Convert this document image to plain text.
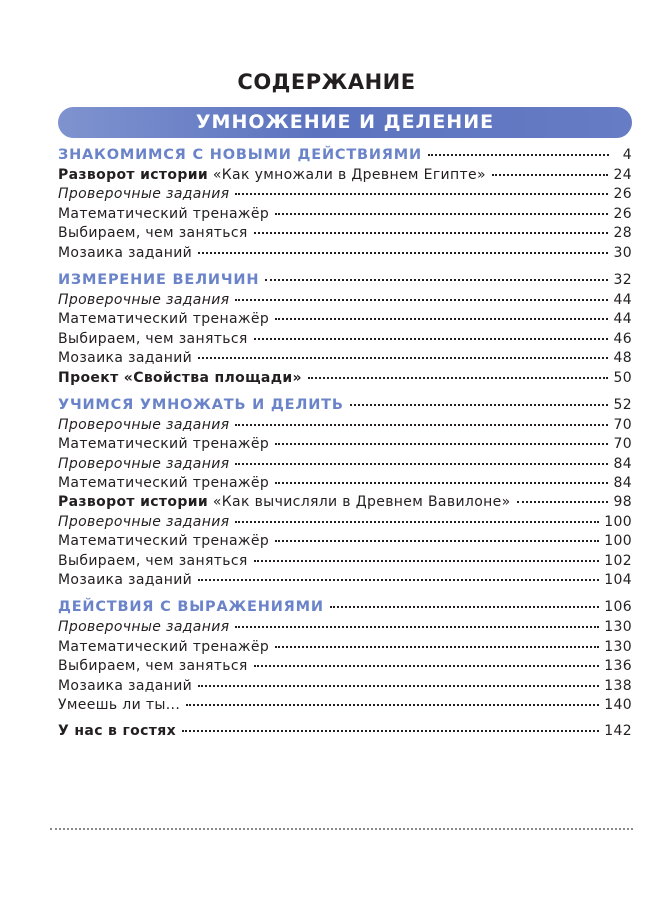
СОДЕРЖАНИЕ
УМНОЖЕНИЕ И ДЕЛЕНИЕ
ЗНАКОМИМСЯ С НОВЫМИ ДЕЙСТВИЯМИ	4
Разворот истории «Как умножали в Древнем Египте»	24
Проверочные задания	26
Математический тренажёр	26
Выбираем, чем заняться	28
Мозаика заданий	30
ИЗМЕРЕНИЕ ВЕЛИЧИН	32
Проверочные задания	44
Математический тренажёр	44
Выбираем, чем заняться	46
Мозаика заданий	48
Проект «Свойства площади»	50
УЧИМСЯ УМНОЖАТЬ И ДЕЛИТЬ	52
Проверочные задания	70
Математический тренажёр	70
Проверочные задания	84
Математический тренажёр	84
Разворот истории «Как вычисляли в Древнем Вавилоне»	98
Проверочные задания	100
Математический тренажёр	100
Выбираем, чем заняться	102
Мозаика заданий	104
ДЕЙСТВИЯ С ВЫРАЖЕНИЯМИ	106
Проверочные задания	130
Математический тренажёр	130
Выбираем, чем заняться	136
Мозаика заданий	138
Умеешь ли ты...	140
У нас в гостях	142
